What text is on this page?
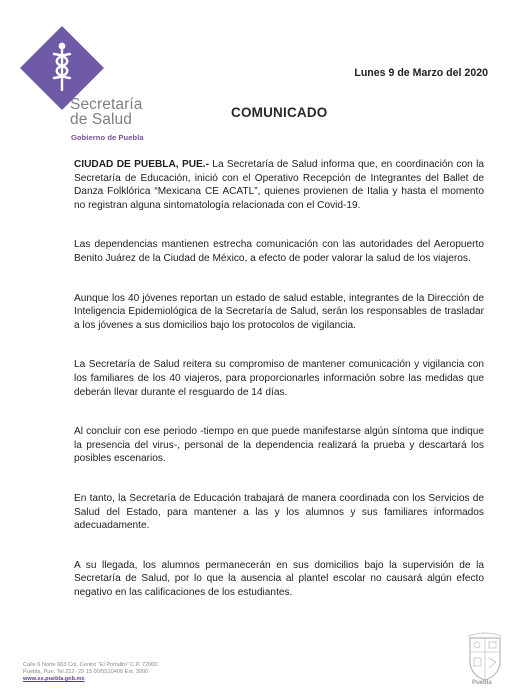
Secretaría
de Salud
Gobierno de Puebla
Lunes 9 de Marzo del 2020
COMUNICADO

CIUDAD DE PUEBLA, PUE.- La Secretaría de Salud informa que, en coordinación con la Secretaría de Educación, inició con el Operativo Recepción de Integrantes del Ballet de Danza Folklórica “Mexicana CE ACATL”, quienes provienen de Italia y hasta el momento no registran alguna sintomatología relacionada con el Covid-19.

Las dependencias mantienen estrecha comunicación con las autoridades del Aeropuerto Benito Juárez de la Ciudad de México, a efecto de poder valorar la salud de los viajeros.

Aunque los 40 jóvenes reportan un estado de salud estable, integrantes de la Dirección de Inteligencia Epidemiológica de la Secretaría de Salud, serán los responsables de trasladar a los jóvenes a sus domicilios bajo los protocolos de vigilancia.

La Secretaría de Salud reitera su compromiso de mantener comunicación y vigilancia con los familiares de los 40 viajeros, para proporcionarles información sobre las medidas que deberán llevar durante el resguardo de 14 días.

Al concluir con ese periodo -tiempo en que puede manifestarse algún síntoma que indique la presencia del virus-, personal de la dependencia realizará la prueba y descartará los posibles escenarios.

En tanto, la Secretaría de Educación trabajará de manera coordinada con los Servicios de Salud del Estado, para mantener a las y los alumnos y sus familiares informados adecuadamente.

A su llegada, los alumnos permanecerán en sus domicilios bajo la supervisión de la Secretaría de Salud, por lo que la ausencia al plantel escolar no causará algún efecto negativo en las calificaciones de los estudiantes.

Calle 6 Norte 603 Col. Centro “El Portalito” C.P. 72000
Puebla, Pue. Tel.222- 29 15 00/5510400 Ext. 3000
www.ss.puebla.gob.mx
Puebla
